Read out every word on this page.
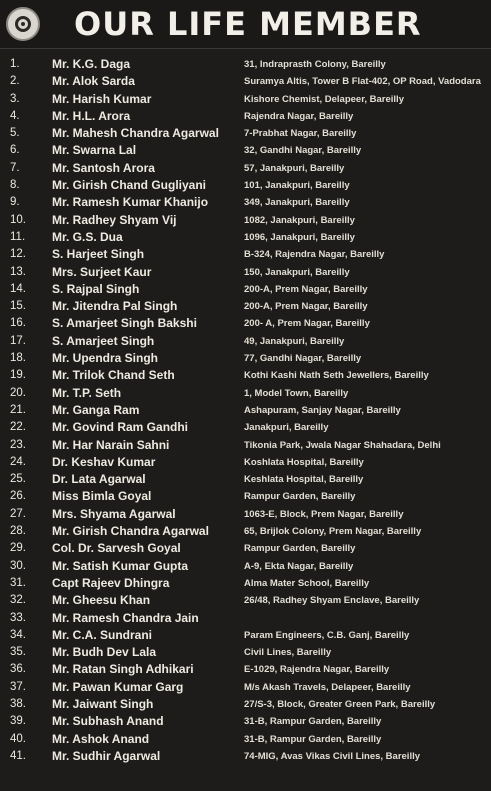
OUR LIFE MEMBER
1.	Mr. K.G. Daga	31, Indraprasth Colony, Bareilly
2.	Mr. Alok Sarda	Suramya Altis, Tower B Flat-402, OP Road, Vadodara
3.	Mr. Harish Kumar	Kishore Chemist, Delapeer, Bareilly
4.	Mr. H.L. Arora	Rajendra Nagar, Bareilly
5.	Mr. Mahesh Chandra Agarwal	7-Prabhat Nagar, Bareilly
6.	Mr. Swarna Lal	32, Gandhi Nagar, Bareilly
7.	Mr. Santosh Arora	57, Janakpuri, Bareilly
8.	Mr. Girish Chand Gugliyani	101, Janakpuri, Bareilly
9.	Mr. Ramesh Kumar Khanijo	349, Janakpuri, Bareilly
10.	Mr. Radhey Shyam Vij	1082, Janakpuri, Bareilly
11.	Mr. G.S. Dua	1096, Janakpuri, Bareilly
12.	S. Harjeet Singh	B-324, Rajendra Nagar, Bareilly
13.	Mrs. Surjeet Kaur	150, Janakpuri, Bareilly
14.	S. Rajpal Singh	200-A, Prem Nagar, Bareilly
15.	Mr. Jitendra Pal Singh	200-A, Prem Nagar, Bareilly
16.	S. Amarjeet Singh Bakshi	200- A, Prem Nagar, Bareilly
17.	S. Amarjeet Singh	49, Janakpuri, Bareilly
18.	Mr. Upendra Singh	77, Gandhi Nagar, Bareilly
19.	Mr. Trilok Chand Seth	Kothi Kashi Nath Seth Jewellers, Bareilly
20.	Mr. T.P. Seth	1, Model Town, Bareilly
21.	Mr. Ganga Ram	Ashapuram, Sanjay Nagar, Bareilly
22.	Mr. Govind Ram Gandhi	Janakpuri, Bareilly
23.	Mr. Har Narain Sahni	Tikonia Park, Jwala Nagar Shahadara, Delhi
24.	Dr. Keshav Kumar	Koshlata Hospital, Bareilly
25.	Dr. Lata Agarwal	Keshlata Hospital, Bareilly
26.	Miss Bimla Goyal	Rampur Garden, Bareilly
27.	Mrs. Shyama Agarwal	1063-E, Block, Prem Nagar, Bareilly
28.	Mr. Girish Chandra Agarwal	65, Brijlok Colony, Prem Nagar, Bareilly
29.	Col. Dr. Sarvesh Goyal	Rampur Garden, Bareilly
30.	Mr. Satish Kumar Gupta	A-9, Ekta Nagar, Bareilly
31.	Capt Rajeev Dhingra	Alma Mater School, Bareilly
32.	Mr. Gheesu Khan	26/48, Radhey Shyam Enclave, Bareilly
33.	Mr. Ramesh Chandra Jain
34.	Mr. C.A. Sundrani	Param Engineers, C.B. Ganj, Bareilly
35.	Mr. Budh Dev Lala	Civil Lines, Bareilly
36.	Mr. Ratan Singh Adhikari	E-1029, Rajendra Nagar, Bareilly
37.	Mr. Pawan Kumar Garg	M/s Akash Travels, Delapeer, Bareilly
38.	Mr. Jaiwant Singh	27/S-3, Block, Greater Green Park, Bareilly
39.	Mr. Subhash Anand	31-B, Rampur Garden, Bareilly
40.	Mr. Ashok Anand	31-B, Rampur Garden, Bareilly
41.	Mr. Sudhir Agarwal	74-MIG, Avas Vikas Civil Lines, Bareilly
